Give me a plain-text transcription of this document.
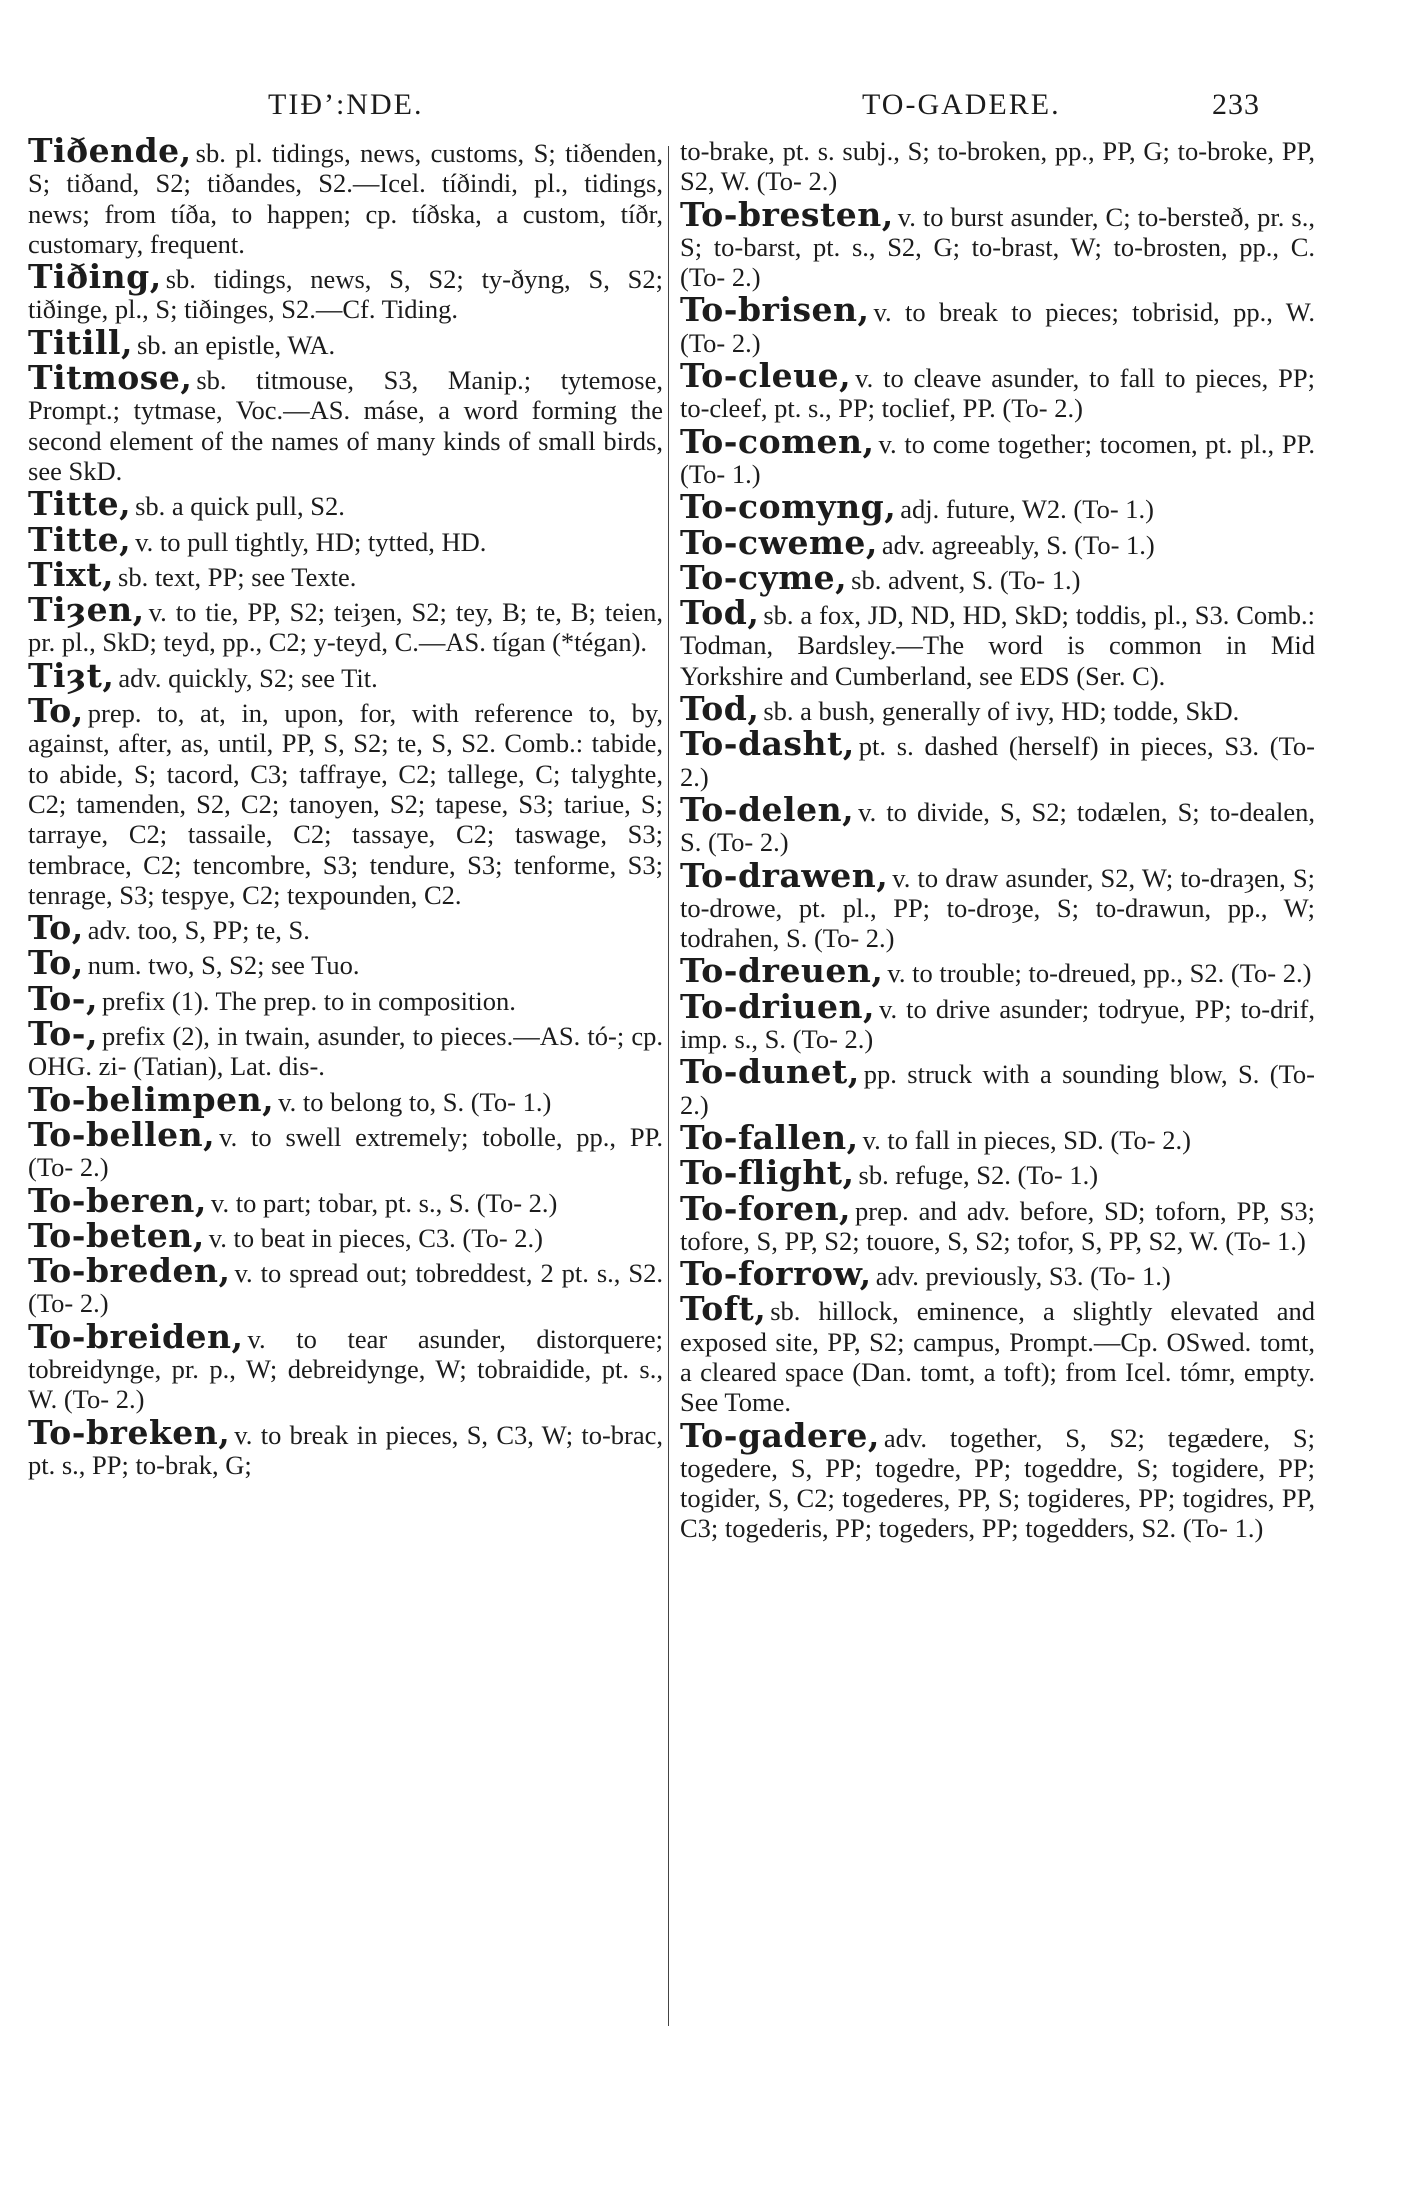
TIÐ’:NDE.	TO-GADERE.	233

Tiðende, sb. pl. tidings, news, customs, S; tiðenden, S; tiðand, S2; tiðandes, S2.—Icel. tíðindi, pl., tidings, news; from tíða, to happen; cp. tíðska, a custom, tíðr, customary, frequent.

Tiðing, sb. tidings, news, S, S2; ty-ðyng, S, S2; tiðinge, pl., S; tiðinges, S2.—Cf. Tiding.

Titill, sb. an epistle, WA.

Titmose, sb. titmouse, S3, Manip.; tytemose, Prompt.; tytmase, Voc.—AS. máse, a word forming the second element of the names of many kinds of small birds, see SkD.

Titte, sb. a quick pull, S2.

Titte, v. to pull tightly, HD; tytted, HD.

Tixt, sb. text, PP; see Texte.

Tiȝen, v. to tie, PP, S2; teiȝen, S2; tey, B; te, B; teien, pr. pl., SkD; teyd, pp., C2; y-teyd, C.—AS. tígan (*tégan).

Tiȝt, adv. quickly, S2; see Tit.

To, prep. to, at, in, upon, for, with reference to, by, against, after, as, until, PP, S, S2; te, S, S2. Comb.: tabide, to abide, S; tacord, C3; taffraye, C2; tallege, C; talyghte, C2; tamenden, S2, C2; tanoyen, S2; tapese, S3; tariue, S; tarraye, C2; tassaile, C2; tassaye, C2; taswage, S3; tembrace, C2; tencombre, S3; tendure, S3; tenforme, S3; tenrage, S3; tespye, C2; texpounden, C2.

To, adv. too, S, PP; te, S.

To, num. two, S, S2; see Tuo.

To-, prefix (1). The prep. to in composition.

To-, prefix (2), in twain, asunder, to pieces.—AS. tó-; cp. OHG. zi- (Tatian), Lat. dis-.

To-belimpen, v. to belong to, S. (To- 1.)

To-bellen, v. to swell extremely; tobolle, pp., PP. (To- 2.)

To-beren, v. to part; tobar, pt. s., S. (To- 2.)

To-beten, v. to beat in pieces, C3. (To- 2.)

To-breden, v. to spread out; tobreddest, 2 pt. s., S2. (To- 2.)

To-breiden, v. to tear asunder, distorquere; tobreidynge, pr. p., W; debreidynge, W; tobraidide, pt. s., W. (To- 2.)

To-breken, v. to break in pieces, S, C3, W; to-brac, pt. s., PP; to-brak, G;

to-brake, pt. s. subj., S; to-broken, pp., PP, G; to-broke, PP, S2, W. (To- 2.)

To-bresten, v. to burst asunder, C; to-bersteð, pr. s., S; to-barst, pt. s., S2, G; to-brast, W; to-brosten, pp., C. (To- 2.)

To-brisen, v. to break to pieces; tobrisid, pp., W. (To- 2.)

To-cleue, v. to cleave asunder, to fall to pieces, PP; to-cleef, pt. s., PP; toclief, PP. (To- 2.)

To-comen, v. to come together; tocomen, pt. pl., PP. (To- 1.)

To-comyng, adj. future, W2. (To- 1.)

To-cweme, adv. agreeably, S. (To- 1.)

To-cyme, sb. advent, S. (To- 1.)

Tod, sb. a fox, JD, ND, HD, SkD; toddis, pl., S3. Comb.: Todman, Bardsley.—The word is common in Mid Yorkshire and Cumberland, see EDS (Ser. C).

Tod, sb. a bush, generally of ivy, HD; todde, SkD.

To-dasht, pt. s. dashed (herself) in pieces, S3. (To- 2.)

To-delen, v. to divide, S, S2; todælen, S; to-dealen, S. (To- 2.)

To-drawen, v. to draw asunder, S2, W; to-draȝen, S; to-drowe, pt. pl., PP; to-droȝe, S; to-drawun, pp., W; todrahen, S. (To- 2.)

To-dreuen, v. to trouble; to-dreued, pp., S2. (To- 2.)

To-driuen, v. to drive asunder; todryue, PP; to-drif, imp. s., S. (To- 2.)

To-dunet, pp. struck with a sounding blow, S. (To- 2.)

To-fallen, v. to fall in pieces, SD. (To- 2.)

To-flight, sb. refuge, S2. (To- 1.)

To-foren, prep. and adv. before, SD; toforn, PP, S3; tofore, S, PP, S2; touore, S, S2; tofor, S, PP, S2, W. (To- 1.)

To-forrow, adv. previously, S3. (To- 1.)

Toft, sb. hillock, eminence, a slightly elevated and exposed site, PP, S2; campus, Prompt.—Cp. OSwed. tomt, a cleared space (Dan. tomt, a toft); from Icel. tómr, empty. See Tome.

To-gadere, adv. together, S, S2; tegædere, S; togedere, S, PP; togedre, PP; togeddre, S; togidere, PP; togider, S, C2; togederes, PP, S; togideres, PP; togidres, PP, C3; togederis, PP; togeders, PP; togedders, S2. (To- 1.)
